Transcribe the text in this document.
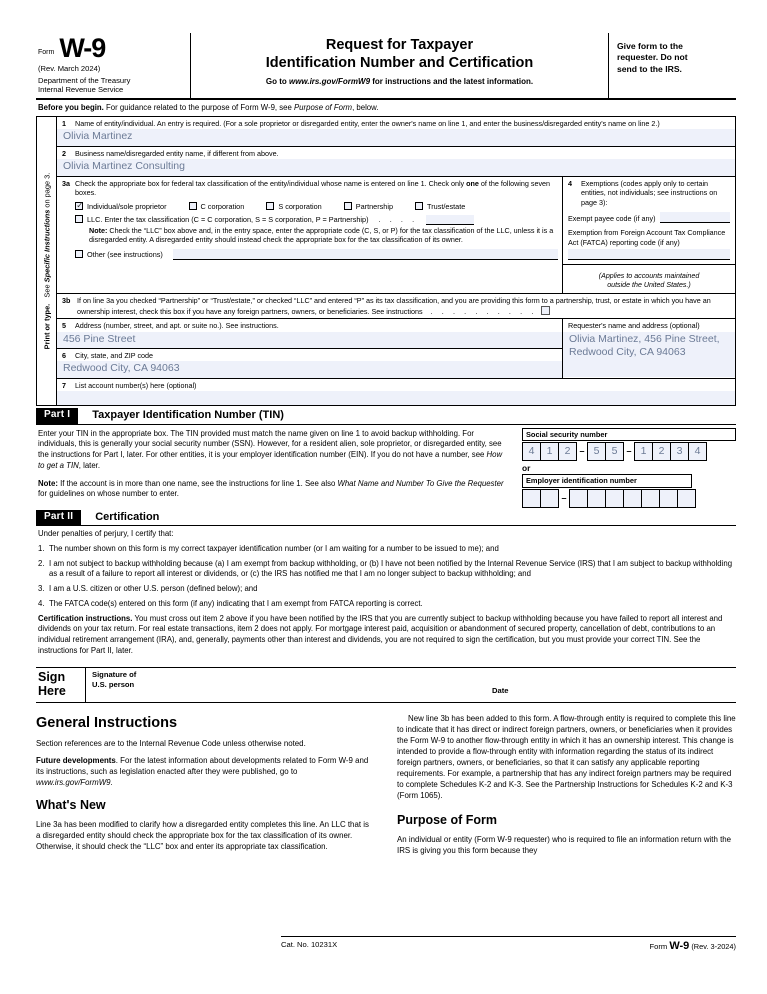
Form W-9
(Rev. March 2024)
Department of the Treasury
Internal Revenue Service
Request for Taxpayer
Identification Number and Certification
Go to www.irs.gov/FormW9 for instructions and the latest information.
Give form to the
requester. Do not
send to the IRS.
Before you begin. For guidance related to the purpose of Form W-9, see Purpose of Form, below.
Print or type.   See Specific Instructions on page 3.
1	Name of entity/individual. An entry is required. (For a sole proprietor or disregarded entity, enter the owner's name on line 1, and enter the business/disregarded entity's name on line 2.)
Olivia Martinez
2	Business name/disregarded entity name, if different from above.
Olivia Martinez Consulting
3a Check the appropriate box for federal tax classification of the entity/individual whose name is entered on line 1. Check only one of the following seven boxes.
✓
Individual/sole proprietor	C corporation	S corporation	Partnership	Trust/estate
LLC. Enter the tax classification (C = C corporation, S = S corporation, P = Partnership) . . . .
Note: Check the “LLC” box above and, in the entry space, enter the appropriate code (C, S, or P) for the tax classification of the LLC, unless it is a disregarded entity. A disregarded entity should instead check the appropriate box for the tax classification of its owner.
Other (see instructions)
4	Exemptions (codes apply only to certain entities, not individuals; see instructions on page 3):
Exempt payee code (if any)
Exemption from Foreign Account Tax Compliance Act (FATCA) reporting code (if any)
(Applies to accounts maintained
outside the United States.)
3b If on line 3a you checked “Partnership” or “Trust/estate,” or checked “LLC” and entered “P” as its tax classification, and you are providing this form to a partnership, trust, or estate in which you have an ownership interest, check this box if you have any foreign partners, owners, or beneficiaries. See instructions . . . . . . . . . .
5	Address (number, street, and apt. or suite no.). See instructions.
456 Pine Street
6	City, state, and ZIP code
Redwood City, CA 94063
Requester's name and address (optional)
Olivia Martinez, 456 Pine Street, Redwood City, CA 94063
7	List account number(s) here (optional)
Part I	Taxpayer Identification Number (TIN)

Enter your TIN in the appropriate box. The TIN provided must match the name given on line 1 to avoid backup withholding. For individuals, this is generally your social security number (SSN). However, for a resident alien, sole proprietor, or disregarded entity, see the instructions for Part I, later. For other entities, it is your employer identification number (EIN). If you do not have a number, see How to get a TIN, later.

Note: If the account is in more than one name, see the instructions for line 1. See also What Name and Number To Give the Requester for guidelines on whose number to enter.

Social security number
4	1	2	– 5	5	– 1	2	3	4
or
Employer identification number
–
Part II	Certification

Under penalties of perjury, I certify that:

1. The number shown on this form is my correct taxpayer identification number (or I am waiting for a number to be issued to me); and
2. I am not subject to backup withholding because (a) I am exempt from backup withholding, or (b) I have not been notified by the Internal Revenue Service (IRS) that I am subject to backup withholding as a result of a failure to report all interest or dividends, or (c) the IRS has notified me that I am no longer subject to backup withholding; and
3. I am a U.S. citizen or other U.S. person (defined below); and
4. The FATCA code(s) entered on this form (if any) indicating that I am exempt from FATCA reporting is correct.

Certification instructions. You must cross out item 2 above if you have been notified by the IRS that you are currently subject to backup withholding because you have failed to report all interest and dividends on your tax return. For real estate transactions, item 2 does not apply. For mortgage interest paid, acquisition or abandonment of secured property, cancellation of debt, contributions to an individual retirement arrangement (IRA), and, generally, payments other than interest and dividends, you are not required to sign the certification, but you must provide your correct TIN. See the instructions for Part II, later.

Sign
Here
Signature of
U.S. person
Date
General Instructions

Section references are to the Internal Revenue Code unless otherwise noted.

Future developments. For the latest information about developments related to Form W-9 and its instructions, such as legislation enacted after they were published, go to www.irs.gov/FormW9.

What's New

Line 3a has been modified to clarify how a disregarded entity completes this line. An LLC that is a disregarded entity should check the appropriate box for the tax classification of its owner. Otherwise, it should check the “LLC” box and enter its appropriate tax classification.

New line 3b has been added to this form. A flow-through entity is required to complete this line to indicate that it has direct or indirect foreign partners, owners, or beneficiaries when it provides the Form W-9 to another flow-through entity in which it has an ownership interest. This change is intended to provide a flow-through entity with information regarding the status of its indirect foreign partners, owners, or beneficiaries, so that it can satisfy any applicable reporting requirements. For example, a partnership that has any indirect foreign partners may be required to complete Schedules K-2 and K-3. See the Partnership Instructions for Schedules K-2 and K-3 (Form 1065).

Purpose of Form

An individual or entity (Form W-9 requester) who is required to file an information return with the IRS is giving you this form because they

Cat. No. 10231X	Form W-9 (Rev. 3-2024)
